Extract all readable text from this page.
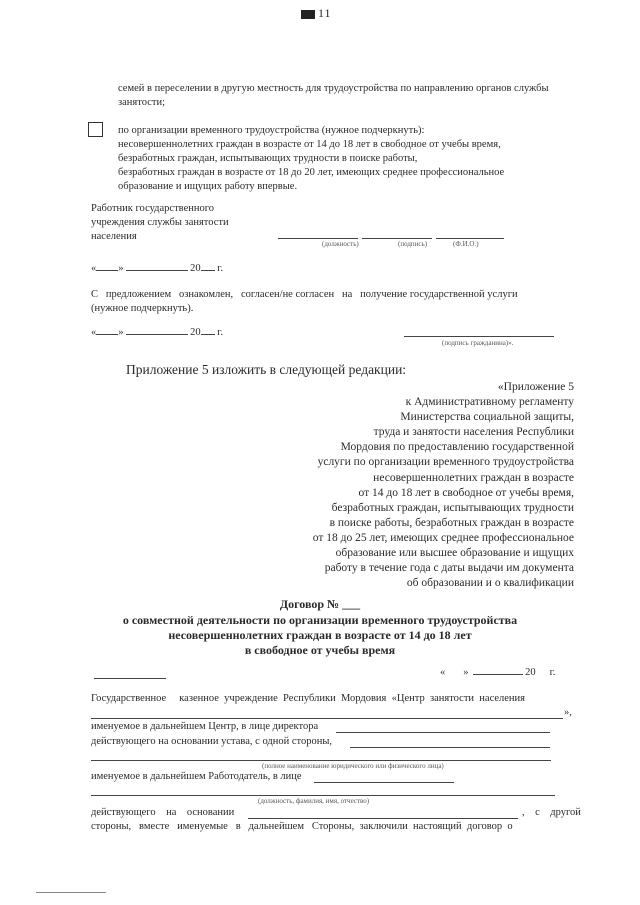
11
семей в переселении в другую местность для трудоустройства по направлению органов службы
занятости;
по организации временного трудоустройства (нужное подчеркнуть):
несовершеннолетних граждан в возрасте от 14 до 18 лет в свободное от учебы время,
безработных граждан, испытывающих трудности в поиске работы,
безработных граждан в возрасте от 18 до 20 лет, имеющих среднее профессиональное
образование и ищущих работу впервые.
Работник государственного
учреждения службы занятости
населения
(должность)	(подпись)	(Ф.И.О.)
« »	20 г.
С   предложением   ознакомлен,   согласен/не согласен   на   получение государственной услуги
(нужное подчеркнуть).
« »	20 г.
(подпись гражданина)».
Приложение 5 изложить в следующей редакции:
«Приложение 5
к Административному регламенту
Министерства социальной защиты,
труда и занятости населения Республики
Мордовия по предоставлению государственной
услуги по организации временного трудоустройства
несовершеннолетних граждан в возрасте
от 14 до 18 лет в свободное от учебы время,
безработных граждан, испытывающих трудности
в поиске работы, безработных граждан в возрасте
от 18 до 25 лет, имеющих среднее профессиональное
образование или высшее образование и ищущих
работу в течение года с даты выдачи им документа
об образовании и о квалификации
Договор № ___
о совместной деятельности по организации временного трудоустройства
несовершеннолетних граждан в возрасте от 14 до 18 лет
в свободное от учебы время
« »	20 г.
Государственное     казенное  учреждение  Республики  Мордовия  «Центр  занятости  населения
»,
именуемое в дальнейшем Центр, в лице директора
действующего на основании устава, с одной стороны,
(полное наименование юридического или физического лица)
именуемое в дальнейшем Работодатель, в лице
(должность, фамилия, имя, отчество)
действующего    на    основании	,    с    другой
стороны,   вместе   именуемые   в   дальнейшем   Стороны,  заключили  настоящий  договор  о
